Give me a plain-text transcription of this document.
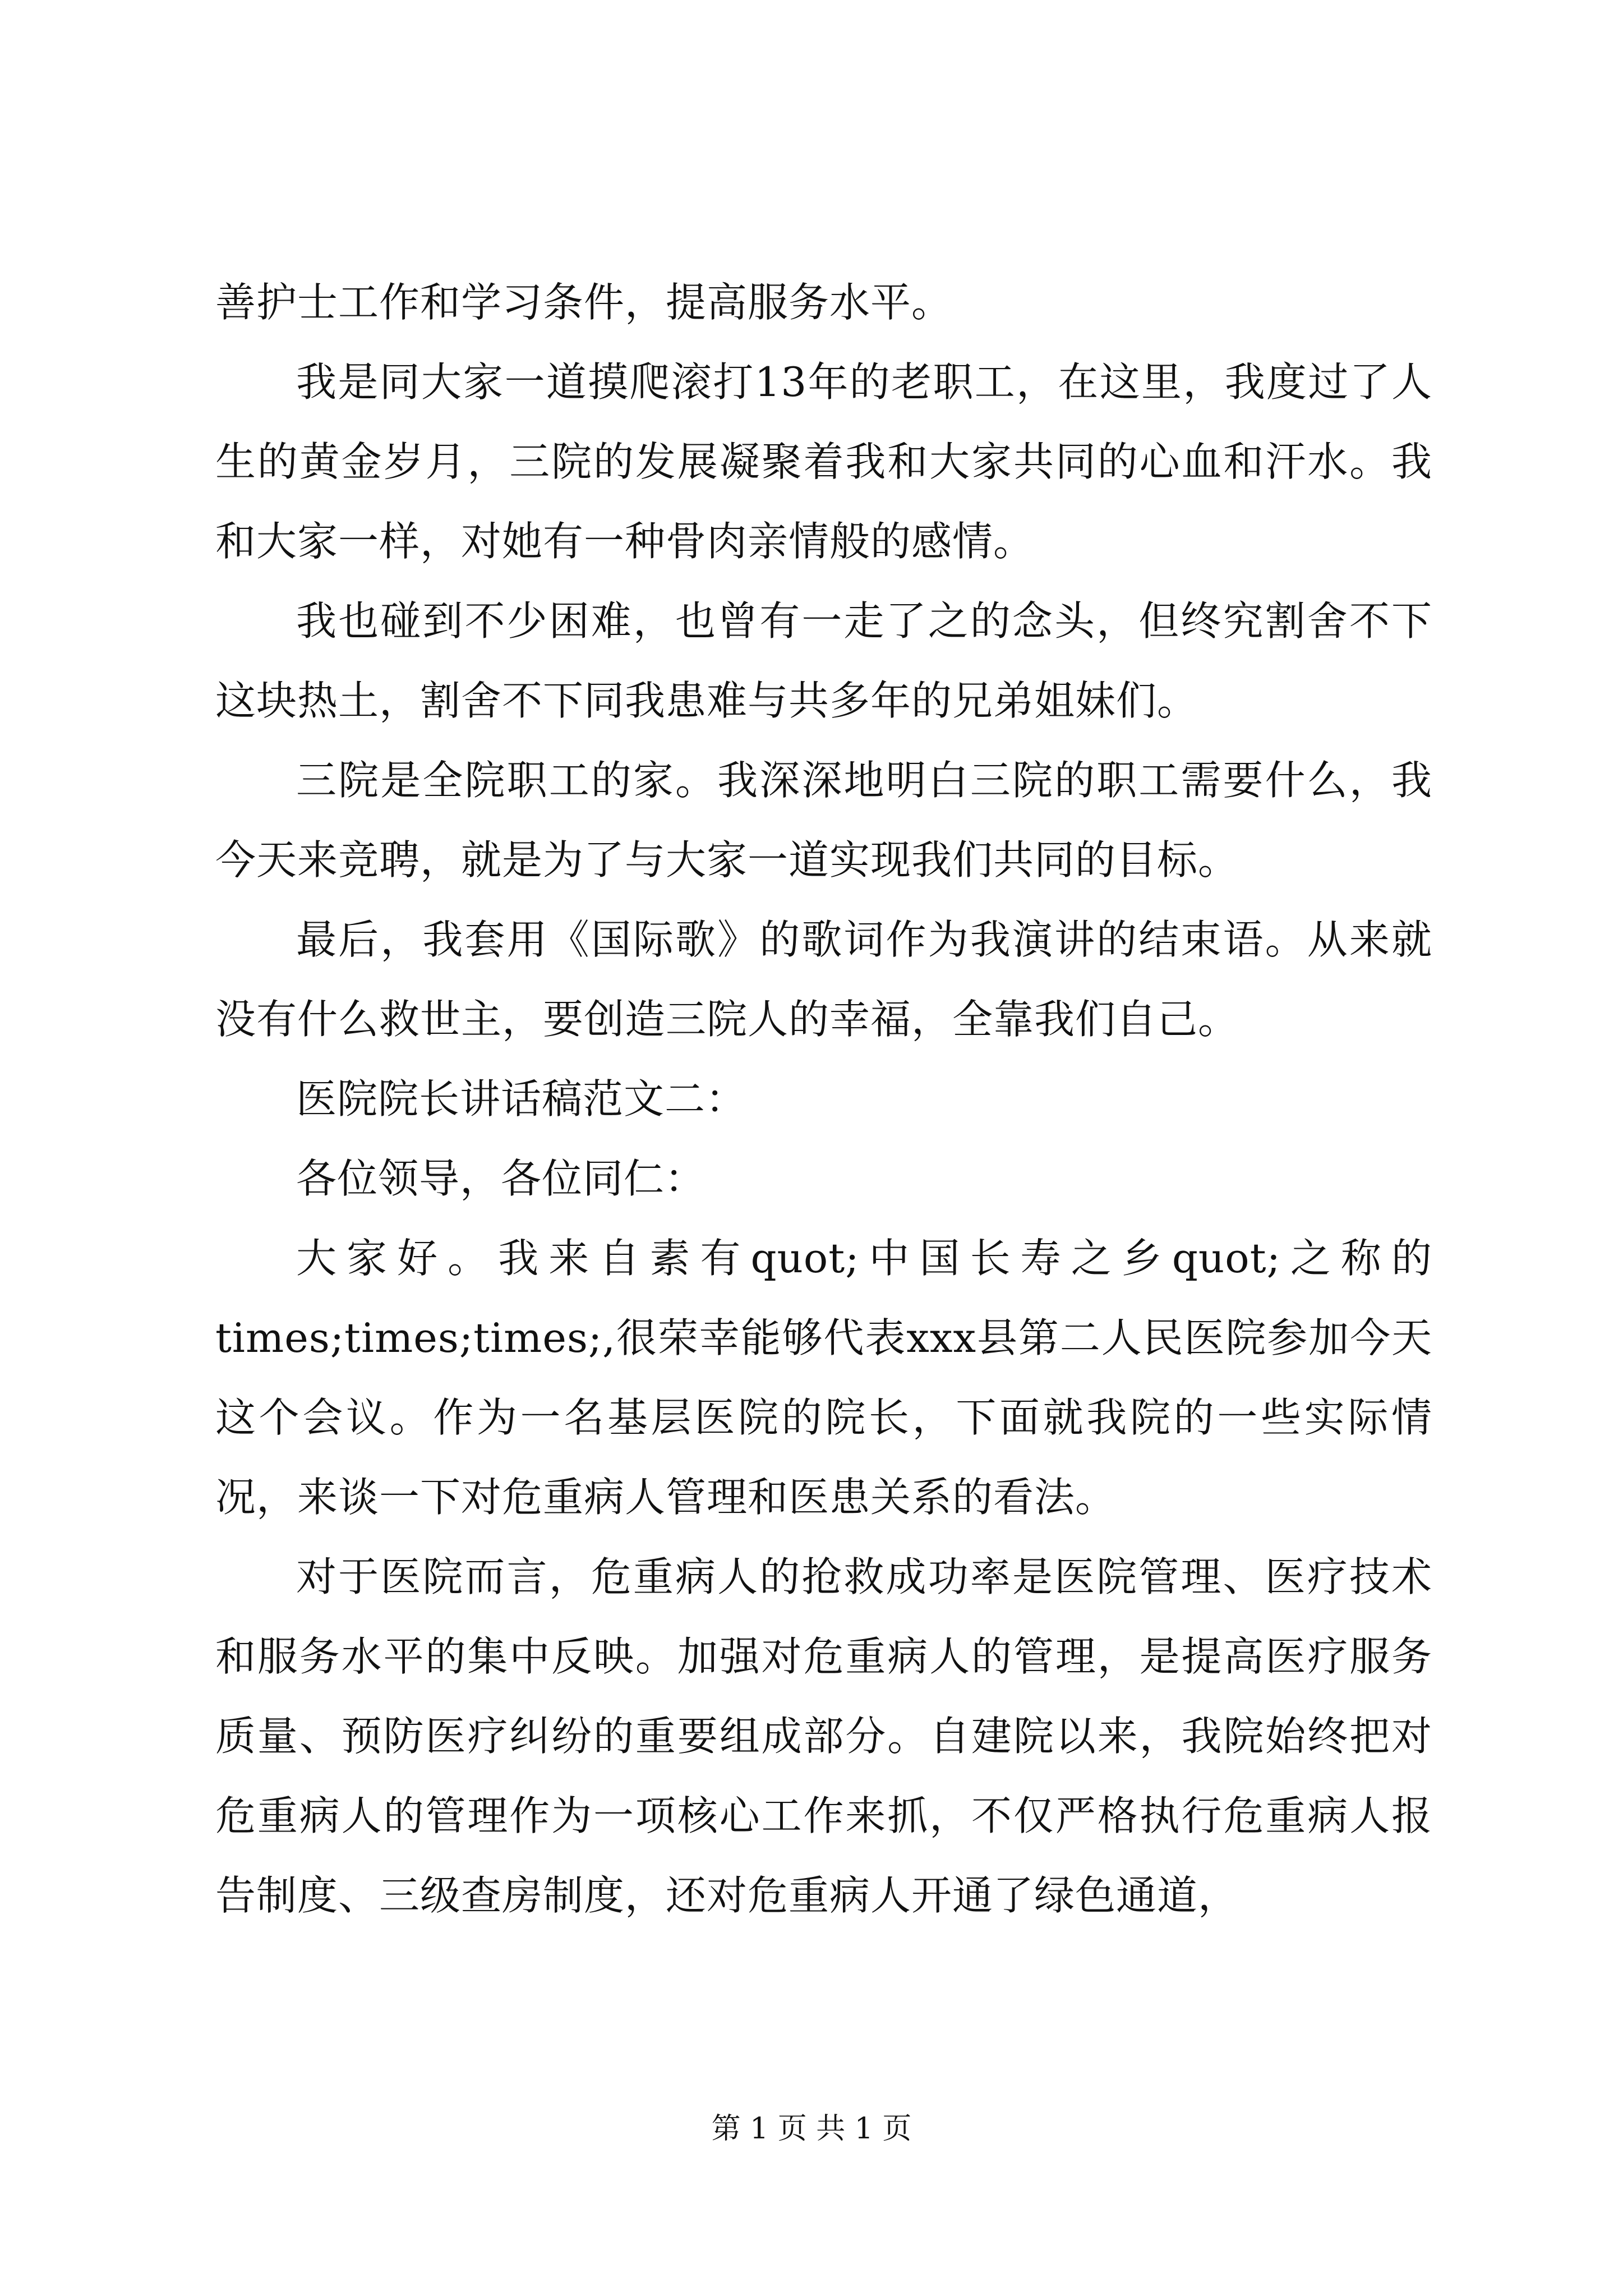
善护士工作和学习条件，提高服务水平。

我是同大家一道摸爬滚打13年的老职工，在这里，我度过了人生的黄金岁月，三院的发展凝聚着我和大家共同的心血和汗水。我和大家一样，对她有一种骨肉亲情般的感情。

我也碰到不少困难，也曾有一走了之的念头，但终究割舍不下这块热土，割舍不下同我患难与共多年的兄弟姐妹们。

三院是全院职工的家。我深深地明白三院的职工需要什么，我今天来竞聘，就是为了与大家一道实现我们共同的目标。

最后，我套用《国际歌》的歌词作为我演讲的结束语。从来就没有什么救世主，要创造三院人的幸福，全靠我们自己。

医院院长讲话稿范文二：

各位领导，各位同仁：

大家好。我来自素有quot;中国长寿之乡quot;之称的times;times;times;,很荣幸能够代表xxx县第二人民医院参加今天这个会议。作为一名基层医院的院长，下面就我院的一些实际情况，来谈一下对危重病人管理和医患关系的看法。

对于医院而言，危重病人的抢救成功率是医院管理、医疗技术和服务水平的集中反映。加强对危重病人的管理，是提高医疗服务质量、预防医疗纠纷的重要组成部分。自建院以来，我院始终把对危重病人的管理作为一项核心工作来抓，不仅严格执行危重病人报告制度、三级查房制度，还对危重病人开通了绿色通道，

第 1 页 共 1 页
